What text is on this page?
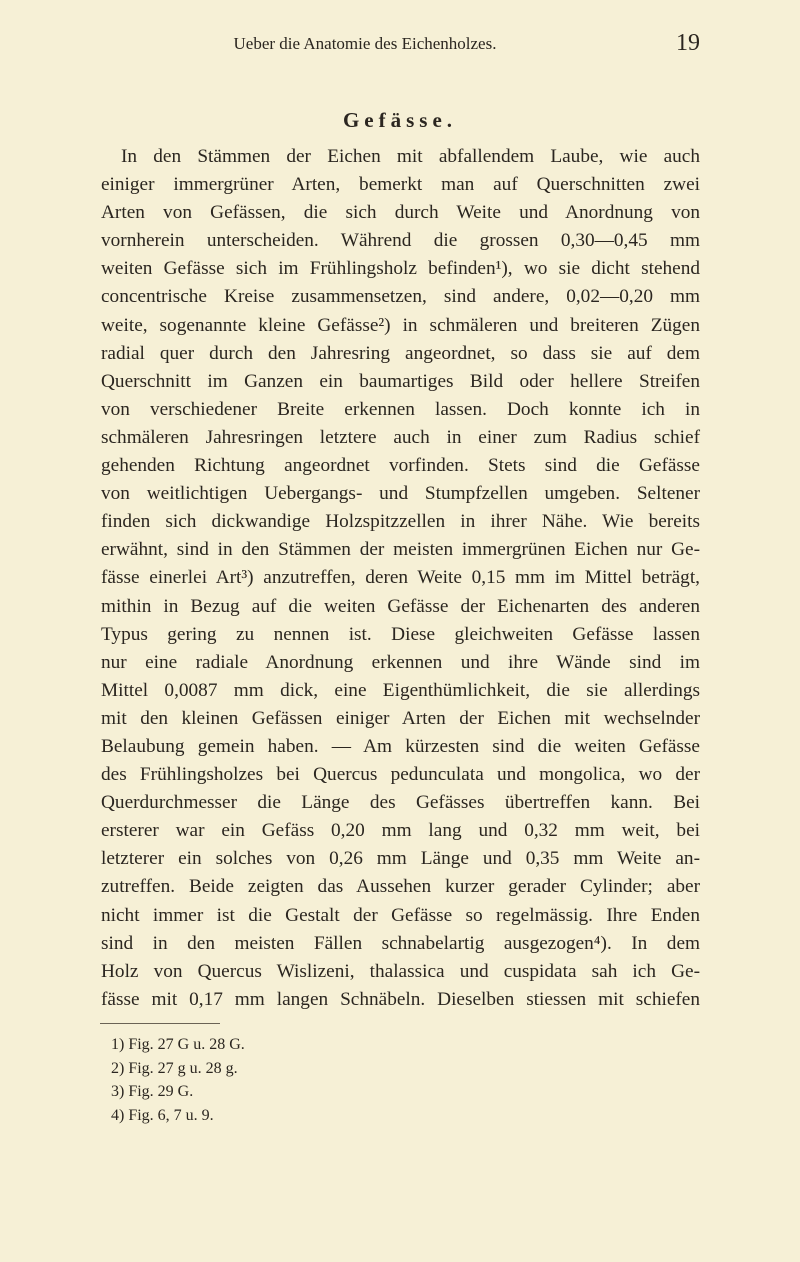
Ueber die Anatomie des Eichenholzes.	19
Gefässe.
In den Stämmen der Eichen mit abfallendem Laube, wie auch
einiger immergrüner Arten, bemerkt man auf Querschnitten zwei
Arten von Gefässen, die sich durch Weite und Anordnung von
vornherein unterscheiden. Während die grossen 0,30—0,45 mm
weiten Gefässe sich im Frühlingsholz befinden¹), wo sie dicht stehend
concentrische Kreise zusammensetzen, sind andere, 0,02—0,20 mm
weite, sogenannte kleine Gefässe²) in schmäleren und breiteren Zügen
radial quer durch den Jahresring angeordnet, so dass sie auf dem
Querschnitt im Ganzen ein baumartiges Bild oder hellere Streifen
von verschiedener Breite erkennen lassen. Doch konnte ich in
schmäleren Jahresringen letztere auch in einer zum Radius schief
gehenden Richtung angeordnet vorfinden. Stets sind die Gefässe
von weitlichtigen Uebergangs- und Stumpfzellen umgeben. Seltener
finden sich dickwandige Holzspitzzellen in ihrer Nähe. Wie bereits
erwähnt, sind in den Stämmen der meisten immergrünen Eichen nur Ge-
fässe einerlei Art³) anzutreffen, deren Weite 0,15 mm im Mittel beträgt,
mithin in Bezug auf die weiten Gefässe der Eichenarten des anderen
Typus gering zu nennen ist. Diese gleichweiten Gefässe lassen
nur eine radiale Anordnung erkennen und ihre Wände sind im
Mittel 0,0087 mm dick, eine Eigenthümlichkeit, die sie allerdings
mit den kleinen Gefässen einiger Arten der Eichen mit wechselnder
Belaubung gemein haben. — Am kürzesten sind die weiten Gefässe
des Frühlingsholzes bei Quercus pedunculata und mongolica, wo der
Querdurchmesser die Länge des Gefässes übertreffen kann. Bei
ersterer war ein Gefäss 0,20 mm lang und 0,32 mm weit, bei
letzterer ein solches von 0,26 mm Länge und 0,35 mm Weite an-
zutreffen. Beide zeigten das Aussehen kurzer gerader Cylinder; aber
nicht immer ist die Gestalt der Gefässe so regelmässig. Ihre Enden
sind in den meisten Fällen schnabelartig ausgezogen⁴). In dem
Holz von Quercus Wislizeni, thalassica und cuspidata sah ich Ge-
fässe mit 0,17 mm langen Schnäbeln. Dieselben stiessen mit schiefen
1) Fig. 27 G u. 28 G.
2) Fig. 27 g u. 28 g.
3) Fig. 29 G.
4) Fig. 6, 7 u. 9.
